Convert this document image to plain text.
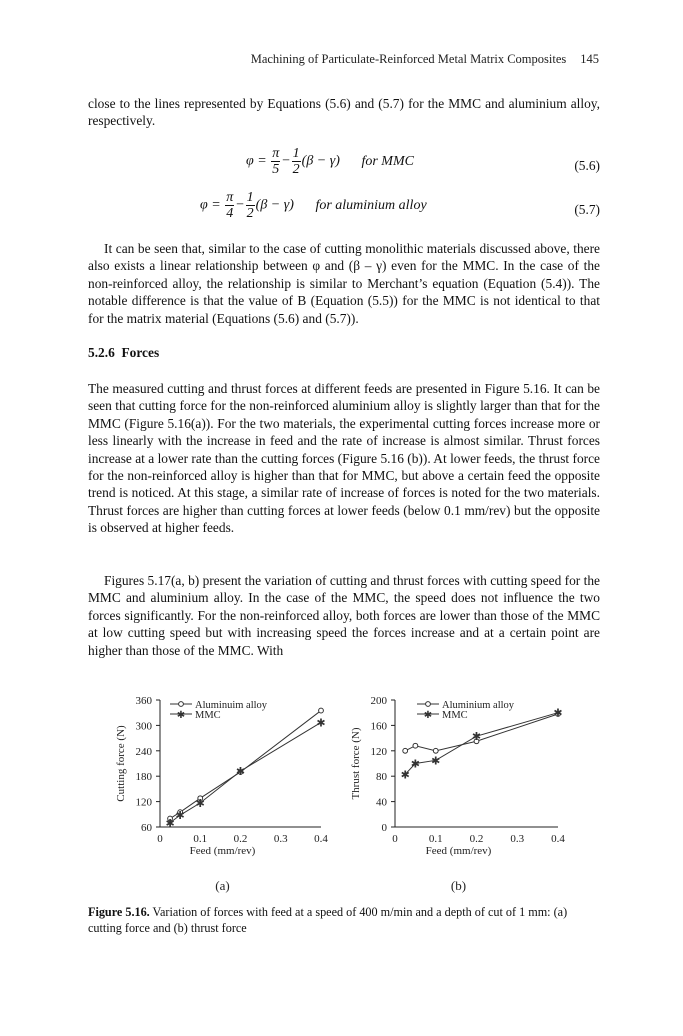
Machining of Particulate-Reinforced Metal Matrix Composites 145

close to the lines represented by Equations (5.6) and (5.7) for the MMC and aluminium alloy, respectively.

$\varphi = \frac{\pi}{5} - \frac{1}{2} (\beta - \gamma)$ for MMC	(5.6)
$\varphi = \frac{\pi}{4} - \frac{1}{2} (\beta - \gamma)$ for aluminium alloy	(5.7)

It can be seen that, similar to the case of cutting monolithic materials discussed above, there also exists a linear relationship between φ and (β – γ) even for the MMC. In the case of the non-reinforced alloy, the relationship is similar to Merchant’s equation (Equation (5.4)). The notable difference is that the value of B (Equation (5.5)) for the MMC is not identical to that for the matrix material (Equations (5.6) and (5.7)).

5.2.6 Forces

The measured cutting and thrust forces at different feeds are presented in Figure 5.16. It can be seen that cutting force for the non-reinforced aluminium alloy is slightly larger than that for the MMC (Figure 5.16(a)). For the two materials, the experimental cutting forces increase more or less linearly with the increase in feed and the rate of increase is almost similar. Thrust forces increase at a lower rate than the cutting forces (Figure 5.16 (b)). At lower feeds, the thrust force for the non-reinforced alloy is higher than that for MMC, but above a certain feed the opposite trend is noticed. At this stage, a similar rate of increase of forces is noted for the two materials. Thrust forces are higher than cutting forces at lower feeds (below 0.1 mm/rev) but the opposite is observed at higher feeds.

Figures 5.17(a, b) present the variation of cutting and thrust forces with cutting speed for the MMC and aluminium alloy. In the case of the MMC, the speed does not influence the two forces significantly. For the non-reinforced alloy, both forces are lower than those of the MMC at low cutting speed but with increasing speed the forces increase and at a certain point are higher than those of the MMC. With

60
120
180
240
300
360
0	0.1 0.2 0.3 0.4
Feed (mm/rev)
Cutting force (N)
✱
✱
✱
✱
✱
Aluminuim alloy
✱ MMC
(a)
0
40
80
120
160
200
0	0.1 0.2 0.3 0.4
Feed (mm/rev)
Thrust force (N)	✱
✱ ✱
✱
✱
Aluminium alloy
✱ MMC
(b)

Figure 5.16. Variation of forces with feed at a speed of 400 m/min and a depth of cut of 1 mm: (a) cutting force and (b) thrust force
